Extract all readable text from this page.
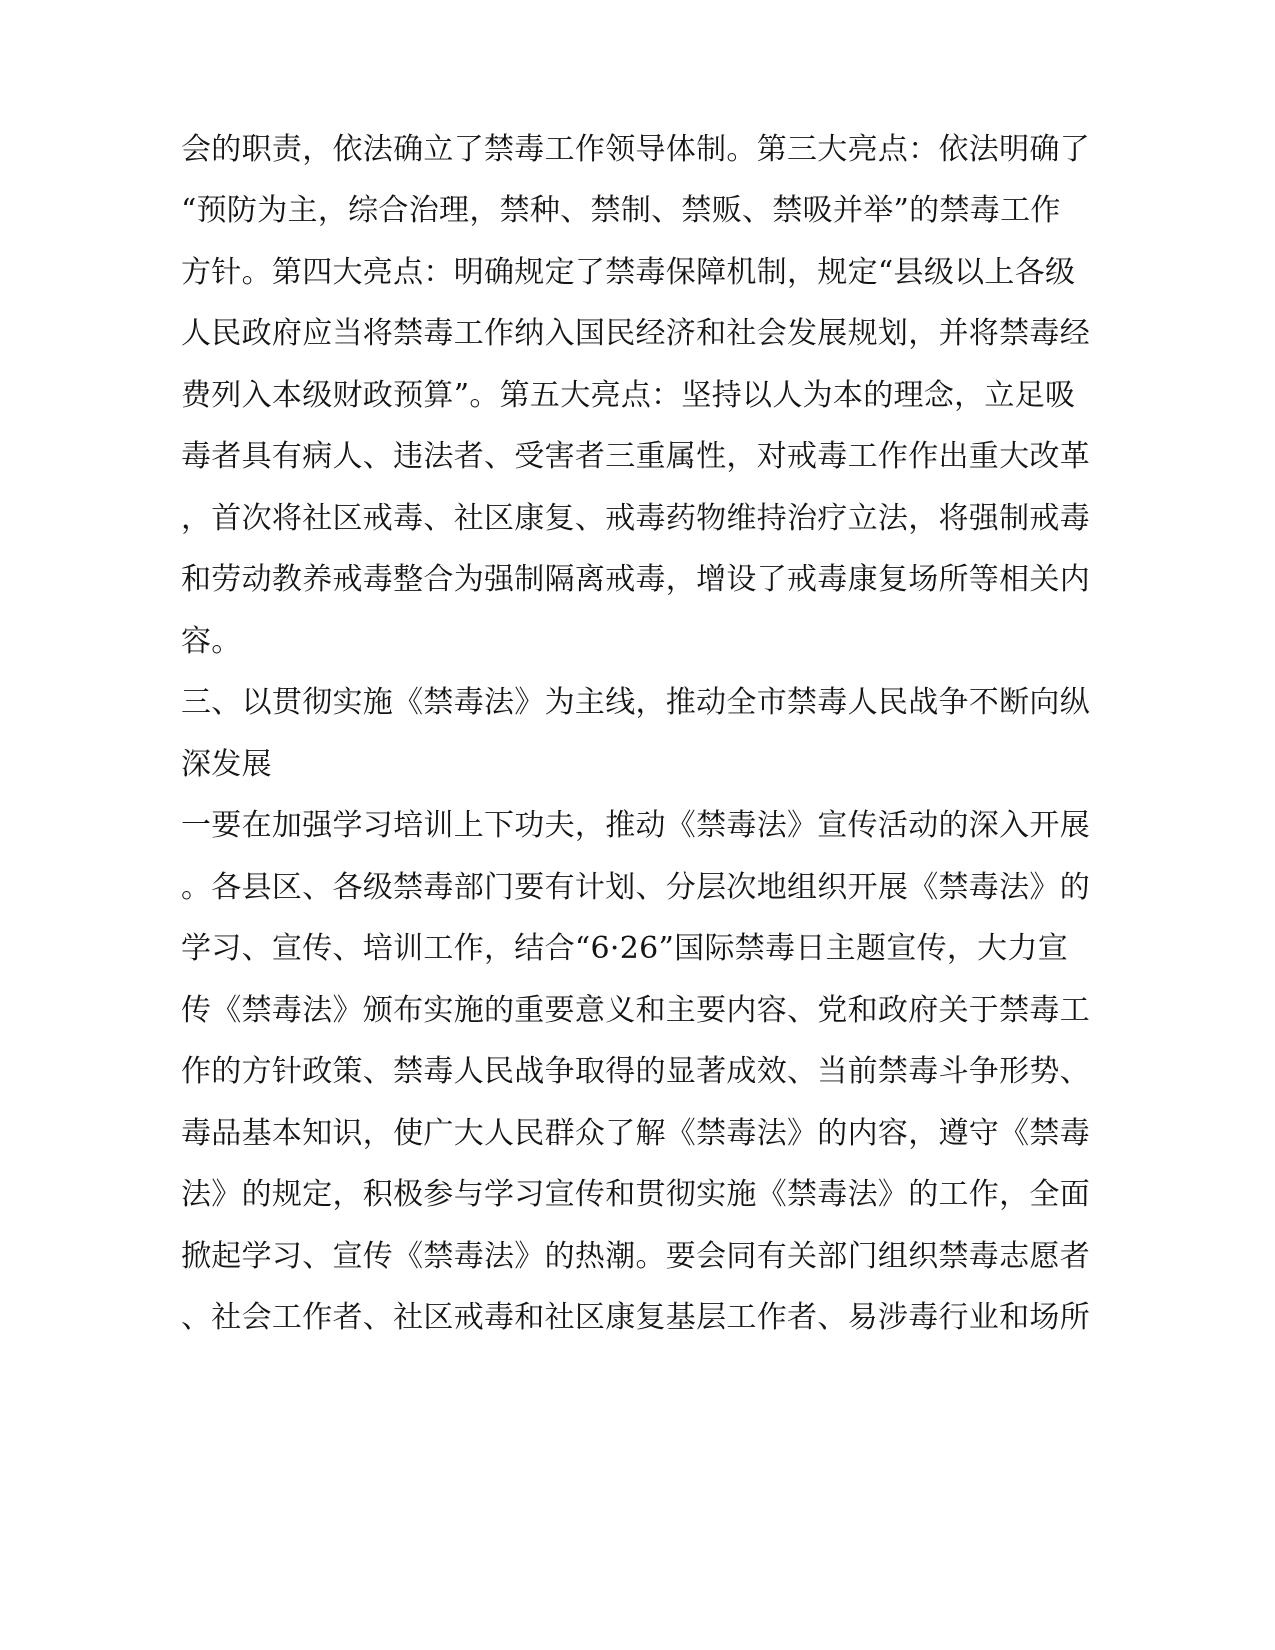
会的职责，依法确立了禁毒工作领导体制。第三大亮点：依法明确了

“预防为主，综合治理，禁种、禁制、禁贩、禁吸并举”的禁毒工作

方针。第四大亮点：明确规定了禁毒保障机制，规定“县级以上各级

人民政府应当将禁毒工作纳入国民经济和社会发展规划，并将禁毒经

费列入本级财政预算”。第五大亮点：坚持以人为本的理念，立足吸

毒者具有病人、违法者、受害者三重属性，对戒毒工作作出重大改革

，首次将社区戒毒、社区康复、戒毒药物维持治疗立法，将强制戒毒

和劳动教养戒毒整合为强制隔离戒毒，增设了戒毒康复场所等相关内

容。

三、以贯彻实施《禁毒法》为主线，推动全市禁毒人民战争不断向纵

深发展

一要在加强学习培训上下功夫，推动《禁毒法》宣传活动的深入开展

。各县区、各级禁毒部门要有计划、分层次地组织开展《禁毒法》的

学习、宣传、培训工作，结合“6·26”国际禁毒日主题宣传，大力宣

传《禁毒法》颁布实施的重要意义和主要内容、党和政府关于禁毒工

作的方针政策、禁毒人民战争取得的显著成效、当前禁毒斗争形势、

毒品基本知识，使广大人民群众了解《禁毒法》的内容，遵守《禁毒

法》的规定，积极参与学习宣传和贯彻实施《禁毒法》的工作，全面

掀起学习、宣传《禁毒法》的热潮。要会同有关部门组织禁毒志愿者

、社会工作者、社区戒毒和社区康复基层工作者、易涉毒行业和场所
